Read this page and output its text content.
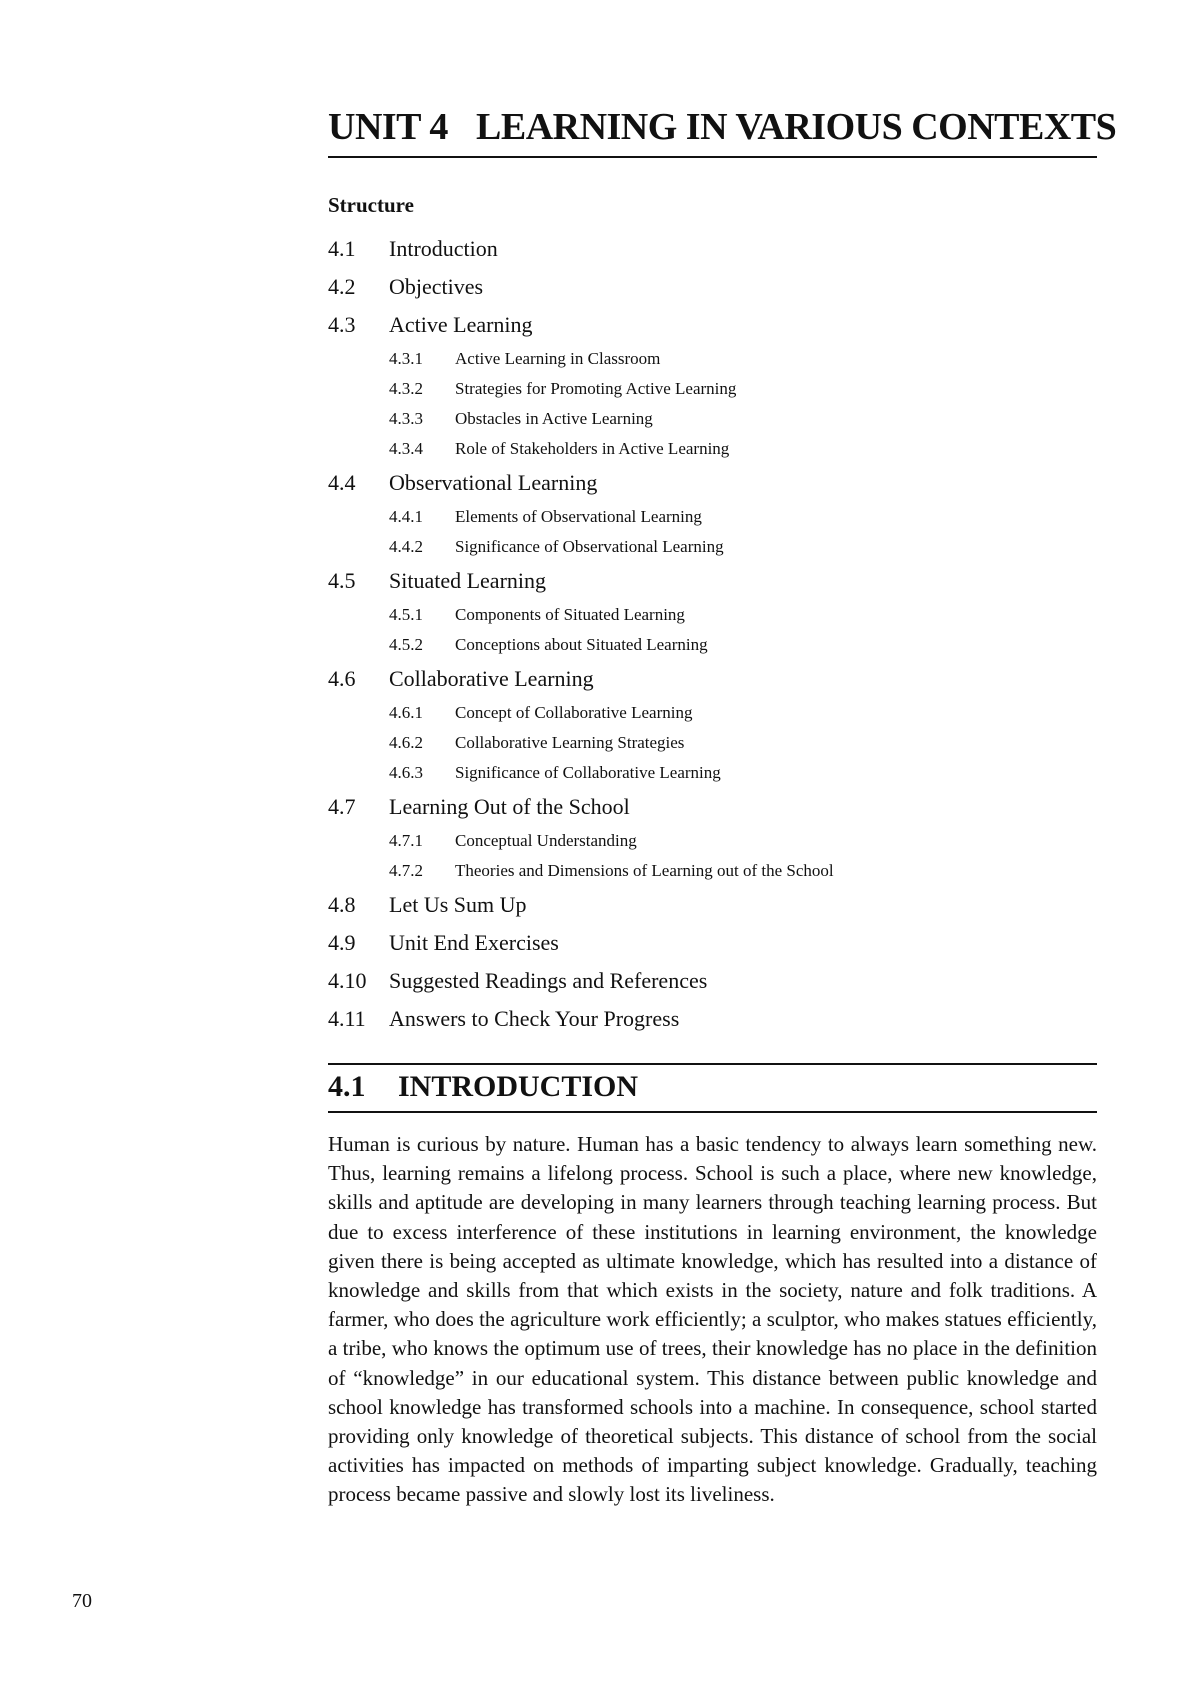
UNIT 4 LEARNING IN VARIOUS CONTEXTS
Structure
4.1	Introduction
4.2	Objectives
4.3	Active Learning
4.3.1	Active Learning in Classroom
4.3.2	Strategies for Promoting Active Learning
4.3.3	Obstacles in Active Learning
4.3.4	Role of Stakeholders in Active Learning
4.4	Observational Learning
4.4.1	Elements of Observational Learning
4.4.2	Significance of Observational Learning
4.5	Situated Learning
4.5.1	Components of Situated Learning
4.5.2	Conceptions about Situated Learning
4.6	Collaborative Learning
4.6.1	Concept of Collaborative Learning
4.6.2	Collaborative Learning Strategies
4.6.3	Significance of Collaborative Learning
4.7	Learning Out of the School
4.7.1	Conceptual Understanding
4.7.2	Theories and Dimensions of Learning out of the School
4.8	Let Us Sum Up
4.9	Unit End Exercises
4.10	Suggested Readings and References
4.11	Answers to Check Your Progress
4.1 INTRODUCTION

Human is curious by nature. Human has a basic tendency to always learn something new. Thus, learning remains a lifelong process. School is such a place, where new knowledge, skills and aptitude are developing in many learners through teaching learning process. But due to excess interference of these institutions in learning environment, the knowledge given there is being accepted as ultimate knowledge, which has resulted into a distance of knowledge and skills from that which exists in the society, nature and folk traditions. A farmer, who does the agriculture work efficiently; a sculptor, who makes statues efficiently, a tribe, who knows the optimum use of trees, their knowledge has no place in the definition of “knowledge” in our educational system. This distance between public knowledge and school knowledge has transformed schools into a machine. In consequence, school started providing only knowledge of theoretical subjects. This distance of school from the social activities has impacted on methods of imparting subject knowledge. Gradually, teaching process became passive and slowly lost its liveliness.

70
